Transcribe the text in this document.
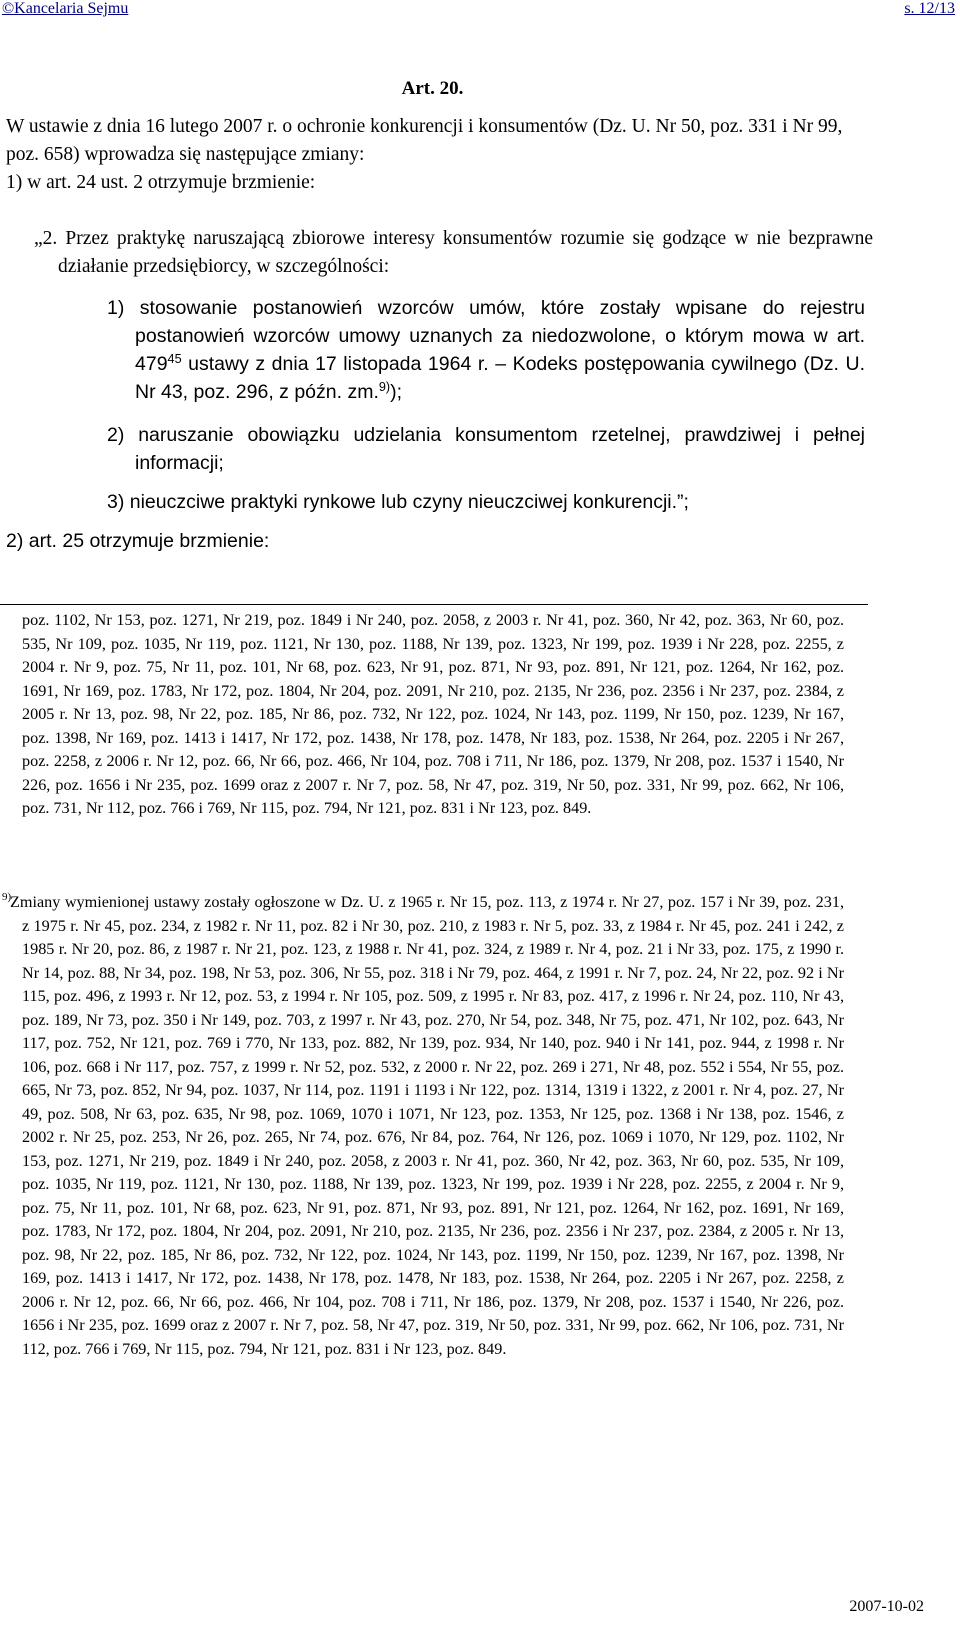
©Kancelaria Sejmu	s. 12/13
Art. 20.
W ustawie z dnia 16 lutego 2007 r. o ochronie konkurencji i konsumentów (Dz. U. Nr 50, poz. 331 i Nr 99, poz. 658) wprowadza się następujące zmiany:
1) w art. 24 ust. 2 otrzymuje brzmienie:
„2. Przez praktykę naruszającą zbiorowe interesy konsumentów rozumie się godzące w nie bezprawne działanie przedsiębiorcy, w szczególności:
1) stosowanie postanowień wzorców umów, które zostały wpisane do rejestru postanowień wzorców umowy uznanych za niedozwolone, o którym mowa w art. $479^{45}$ ustawy z dnia 17 listopada 1964 r. – Kodeks postępowania cywilnego (Dz. U. Nr 43, poz. 296, z późn. zm.$^{9)}$);
2) naruszanie obowiązku udzielania konsumentom rzetelnej, prawdziwej i pełnej informacji;
3) nieuczciwe praktyki rynkowe lub czyny nieuczciwej konkurencji.”;
2) art. 25 otrzymuje brzmienie:
poz. 1102, Nr 153, poz. 1271, Nr 219, poz. 1849 i Nr 240, poz. 2058, z 2003 r. Nr 41, poz. 360, Nr 42, poz. 363, Nr 60, poz. 535, Nr 109, poz. 1035, Nr 119, poz. 1121, Nr 130, poz. 1188, Nr 139, poz. 1323, Nr 199, poz. 1939 i Nr 228, poz. 2255, z 2004 r. Nr 9, poz. 75, Nr 11, poz. 101, Nr 68, poz. 623, Nr 91, poz. 871, Nr 93, poz. 891, Nr 121, poz. 1264, Nr 162, poz. 1691, Nr 169, poz. 1783, Nr 172, poz. 1804, Nr 204, poz. 2091, Nr 210, poz. 2135, Nr 236, poz. 2356 i Nr 237, poz. 2384, z 2005 r. Nr 13, poz. 98, Nr 22, poz. 185, Nr 86, poz. 732, Nr 122, poz. 1024, Nr 143, poz. 1199, Nr 150, poz. 1239, Nr 167, poz. 1398, Nr 169, poz. 1413 i 1417, Nr 172, poz. 1438, Nr 178, poz. 1478, Nr 183, poz. 1538, Nr 264, poz. 2205 i Nr 267, poz. 2258, z 2006 r. Nr 12, poz. 66, Nr 66, poz. 466, Nr 104, poz. 708 i 711, Nr 186, poz. 1379, Nr 208, poz. 1537 i 1540, Nr 226, poz. 1656 i Nr 235, poz. 1699 oraz z 2007 r. Nr 7, poz. 58, Nr 47, poz. 319, Nr 50, poz. 331, Nr 99, poz. 662, Nr 106, poz. 731, Nr 112, poz. 766 i 769, Nr 115, poz. 794, Nr 121, poz. 831 i Nr 123, poz. 849.
9)
Zmiany wymienionej ustawy zostały ogłoszone w Dz. U. z 1965 r. Nr 15, poz. 113, z 1974 r. Nr 27, poz. 157 i Nr 39, poz. 231, z 1975 r. Nr 45, poz. 234, z 1982 r. Nr 11, poz. 82 i Nr 30, poz. 210, z 1983 r. Nr 5, poz. 33, z 1984 r. Nr 45, poz. 241 i 242, z 1985 r. Nr 20, poz. 86, z 1987 r. Nr 21, poz. 123, z 1988 r. Nr 41, poz. 324, z 1989 r. Nr 4, poz. 21 i Nr 33, poz. 175, z 1990 r. Nr 14, poz. 88, Nr 34, poz. 198, Nr 53, poz. 306, Nr 55, poz. 318 i Nr 79, poz. 464, z 1991 r. Nr 7, poz. 24, Nr 22, poz. 92 i Nr 115, poz. 496, z 1993 r. Nr 12, poz. 53, z 1994 r. Nr 105, poz. 509, z 1995 r. Nr 83, poz. 417, z 1996 r. Nr 24, poz. 110, Nr 43, poz. 189, Nr 73, poz. 350 i Nr 149, poz. 703, z 1997 r. Nr 43, poz. 270, Nr 54, poz. 348, Nr 75, poz. 471, Nr 102, poz. 643, Nr 117, poz. 752, Nr 121, poz. 769 i 770, Nr 133, poz. 882, Nr 139, poz. 934, Nr 140, poz. 940 i Nr 141, poz. 944, z 1998 r. Nr 106, poz. 668 i Nr 117, poz. 757, z 1999 r. Nr 52, poz. 532, z 2000 r. Nr 22, poz. 269 i 271, Nr 48, poz. 552 i 554, Nr 55, poz. 665, Nr 73, poz. 852, Nr 94, poz. 1037, Nr 114, poz. 1191 i 1193 i Nr 122, poz. 1314, 1319 i 1322, z 2001 r. Nr 4, poz. 27, Nr 49, poz. 508, Nr 63, poz. 635, Nr 98, poz. 1069, 1070 i 1071, Nr 123, poz. 1353, Nr 125, poz. 1368 i Nr 138, poz. 1546, z 2002 r. Nr 25, poz. 253, Nr 26, poz. 265, Nr 74, poz. 676, Nr 84, poz. 764, Nr 126, poz. 1069 i 1070, Nr 129, poz. 1102, Nr 153, poz. 1271, Nr 219, poz. 1849 i Nr 240, poz. 2058, z 2003 r. Nr 41, poz. 360, Nr 42, poz. 363, Nr 60, poz. 535, Nr 109, poz. 1035, Nr 119, poz. 1121, Nr 130, poz. 1188, Nr 139, poz. 1323, Nr 199, poz. 1939 i Nr 228, poz. 2255, z 2004 r. Nr 9, poz. 75, Nr 11, poz. 101, Nr 68, poz. 623, Nr 91, poz. 871, Nr 93, poz. 891, Nr 121, poz. 1264, Nr 162, poz. 1691, Nr 169, poz. 1783, Nr 172, poz. 1804, Nr 204, poz. 2091, Nr 210, poz. 2135, Nr 236, poz. 2356 i Nr 237, poz. 2384, z 2005 r. Nr 13, poz. 98, Nr 22, poz. 185, Nr 86, poz. 732, Nr 122, poz. 1024, Nr 143, poz. 1199, Nr 150, poz. 1239, Nr 167, poz. 1398, Nr 169, poz. 1413 i 1417, Nr 172, poz. 1438, Nr 178, poz. 1478, Nr 183, poz. 1538, Nr 264, poz. 2205 i Nr 267, poz. 2258, z 2006 r. Nr 12, poz. 66, Nr 66, poz. 466, Nr 104, poz. 708 i 711, Nr 186, poz. 1379, Nr 208, poz. 1537 i 1540, Nr 226, poz. 1656 i Nr 235, poz. 1699 oraz z 2007 r. Nr 7, poz. 58, Nr 47, poz. 319, Nr 50, poz. 331, Nr 99, poz. 662, Nr 106, poz. 731, Nr 112, poz. 766 i 769, Nr 115, poz. 794, Nr 121, poz. 831 i Nr 123, poz. 849.
2007-10-02
